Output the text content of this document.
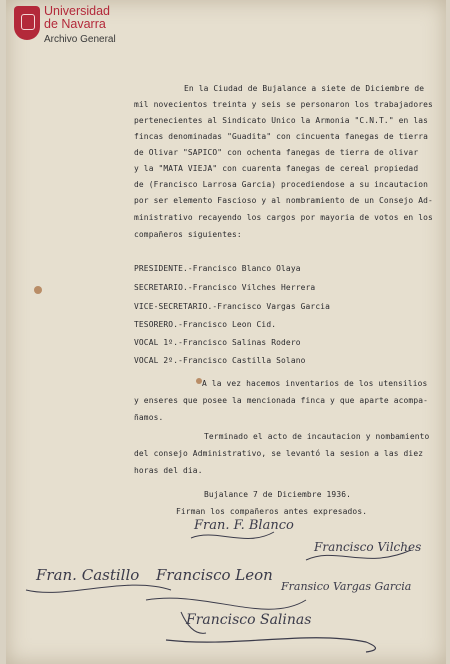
Universidad
de Navarra
Archivo General
En la Ciudad de Bujalance a siete de Diciembre de
mil novecientos treinta y seis se personaron los trabajadores
pertenecientes al Sindicato Unico la Armonia "C.N.T." en las
fincas denominadas "Guadita" con cincuenta fanegas de tierra
de Olivar "SAPICO" con ochenta fanegas de tierra de olivar
y la "MATA VIEJA" con cuarenta fanegas de cereal propiedad
de (Francisco Larrosa Garcia) procediendose a su incautacion
por ser elemento Fascioso y al nombramiento de un Consejo Ad-
ministrativo recayendo los cargos por mayoria de votos en los
compañeros siguientes:
PRESIDENTE.-Francisco Blanco Olaya
SECRETARIO.-Francisco Vilches Herrera
VICE-SECRETARIO.-Francisco Vargas Garcia
TESORERO.-Francisco Leon Cid.
VOCAL 1º.-Francisco Salinas Rodero
VOCAL 2º.-Francisco Castilla Solano
A la vez hacemos inventarios de los utensilios
y enseres que posee la mencionada finca y que aparte acompa-
ñamos.
Terminado el acto de incautacion y nombamiento
del consejo Administrativo, se levantó la sesion a las diez
horas del dia.
Bujalance 7 de Diciembre 1936.
Firman los compañeros antes expresados.
Fran. F. Blanco
Francisco Vilches
Fran. Castillo Francisco Leon
Fransico Vargas Garcia
Francisco Salinas
